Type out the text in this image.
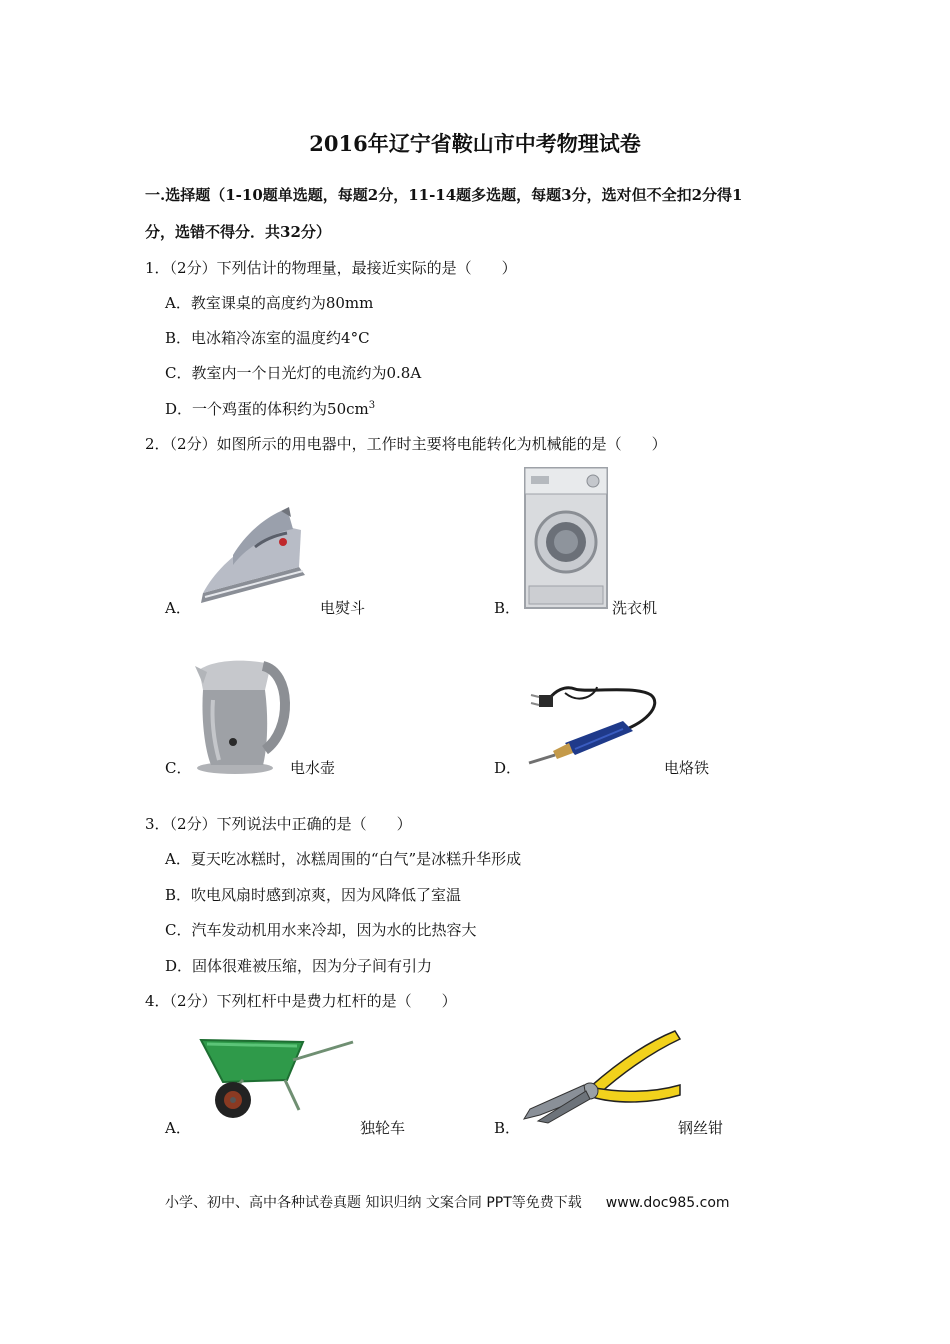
2016年辽宁省鞍山市中考物理试卷
一.选择题（1-10题单选题，每题2分，11-14题多选题，每题3分，选对但不全扣2分得1
分，选错不得分．共32分）
1．（2分）下列估计的物理量，最接近实际的是（　　）
A．教室课桌的高度约为80mm
B．电冰箱冷冻室的温度约4°C
C．教室内一个日光灯的电流约为0.8A
D．一个鸡蛋的体积约为$50cm^3$
2．（2分）如图所示的用电器中，工作时主要将电能转化为机械能的是（　　）
A．	电熨斗	B．	洗衣机
C．	电水壶	D．	电烙铁
3．（2分）下列说法中正确的是（　　）
A．夏天吃冰糕时，冰糕周围的“白气”是冰糕升华形成
B．吹电风扇时感到凉爽，因为风降低了室温
C．汽车发动机用水来冷却，因为水的比热容大
D．固体很难被压缩，因为分子间有引力
4．（2分）下列杠杆中是费力杠杆的是（　　）
A．	独轮车	B．	钢丝钳
小学、初中、高中各种试卷真题 知识归纳 文案合同 PPT等免费下载 www.doc985.com
